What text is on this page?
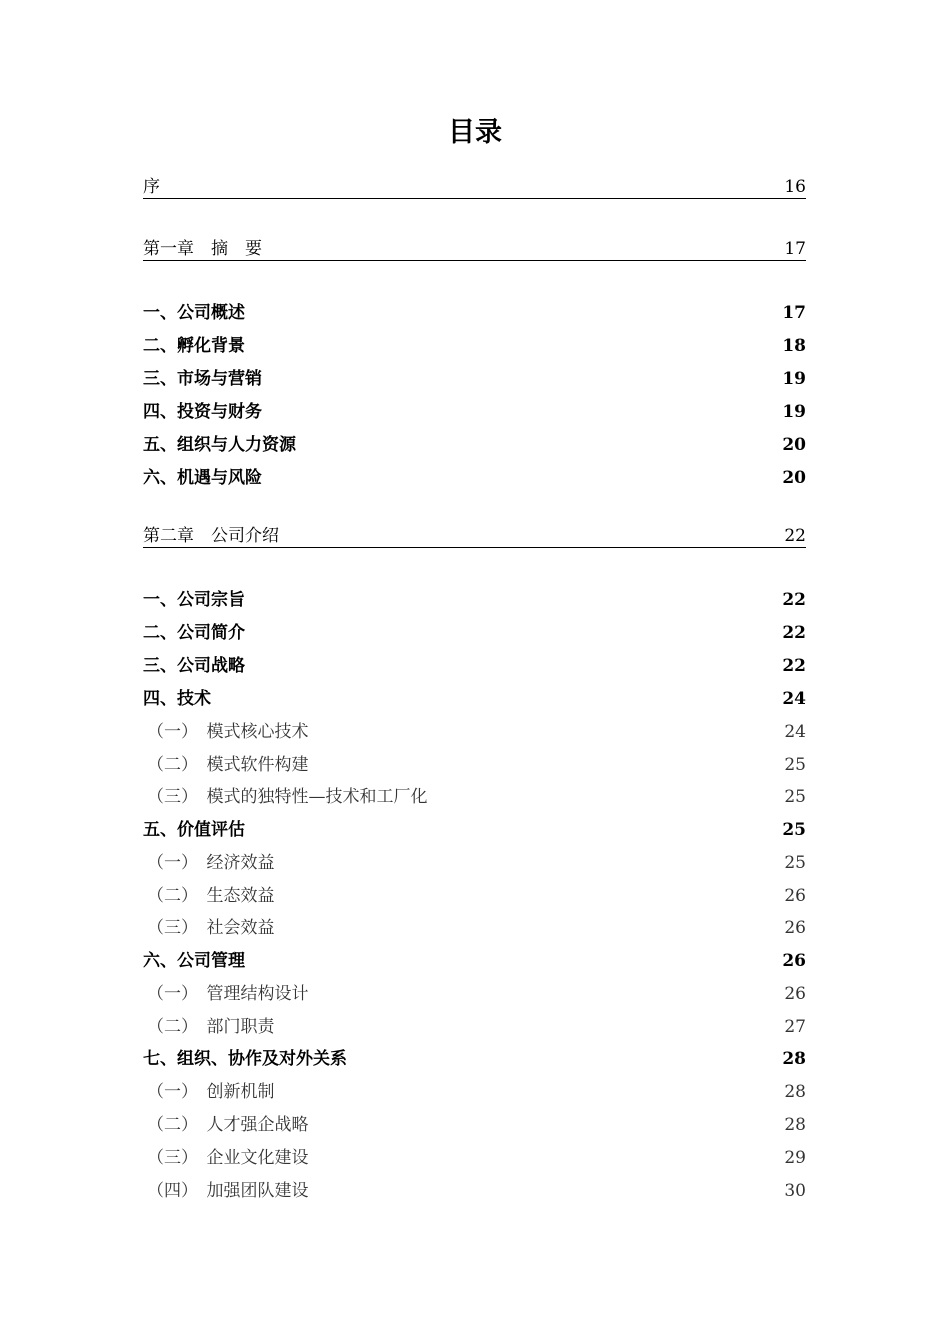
目录
序	16
第一章　摘　要	17
一、公司概述	17
二、孵化背景	18
三、市场与营销	19
四、投资与财务	19
五、组织与人力资源	20
六、机遇与风险	20
第二章　公司介绍	22
一、公司宗旨	22
二、公司简介	22
三、公司战略	22
四、技术	24
（一）　模式核心技术	24
（二）　模式软件构建	25
（三）　模式的独特性—技术和工厂化	25
五、价值评估	25
（一）　经济效益	25
（二）　生态效益	26
（三）　社会效益	26
六、公司管理	26
（一）　管理结构设计	26
（二）　部门职责	27
七、组织、协作及对外关系	28
（一）　创新机制	28
（二）　人才强企战略	28
（三）　企业文化建设	29
（四）　加强团队建设	30
